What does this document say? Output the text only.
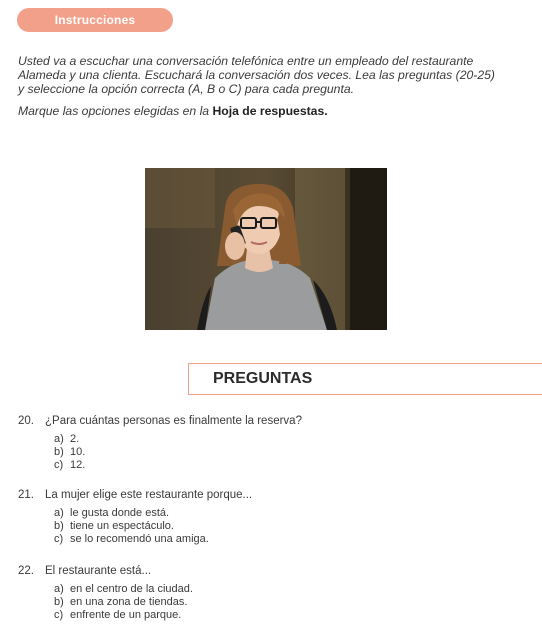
Instrucciones

Usted va a escuchar una conversación telefónica entre un empleado del restaurante
Alameda y una clienta. Escuchará la conversación dos veces. Lea las preguntas (20-25)
y seleccione la opción correcta (A, B o C) para cada pregunta.

Marque las opciones elegidas en la Hoja de respuestas.

PREGUNTAS
20. ¿Para cuántas personas es finalmente la reserva?
a) 2.
b) 10.
c) 12.
21. La mujer elige este restaurante porque...
a) le gusta donde está.
b) tiene un espectáculo.
c) se lo recomendó una amiga.
22. El restaurante está...
a) en el centro de la ciudad.
b) en una zona de tiendas.
c) enfrente de un parque.
